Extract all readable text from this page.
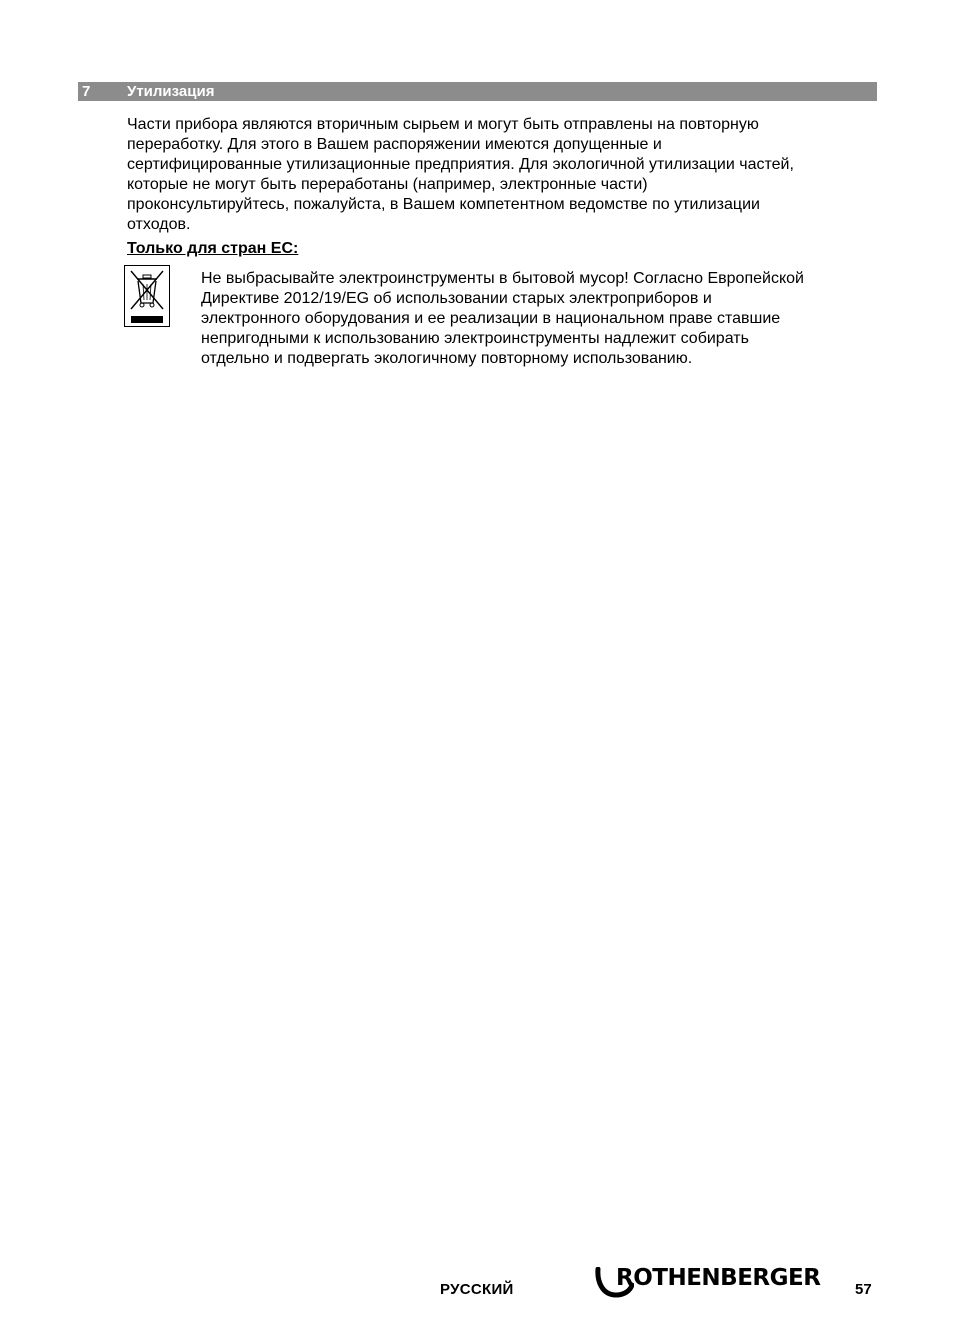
7 Утилизация

Части прибора являются вторичным сырьем и могут быть отправлены на повторную
переработку. Для этого в Вашем распоряжении имеются допущенные и
сертифицированные утилизационные предприятия. Для экологичной утилизации частей,
которые не могут быть переработаны (например, электронные части)
проконсультируйтесь, пожалуйста, в Вашем компетентном ведомстве по утилизации
отходов.

Только для стран ЕС:

Не выбрасывайте электроинструменты в бытовой мусор! Согласно Европейской
Директиве 2012/19/EG об использовании старых электроприборов и
электронного оборудования и ее реализации в национальном праве ставшие
непригодными к использованию электроинструменты надлежит собирать
отдельно и подвергать экологичному повторному использованию.

РУССКИЙ	ROTHENBERGER 57
